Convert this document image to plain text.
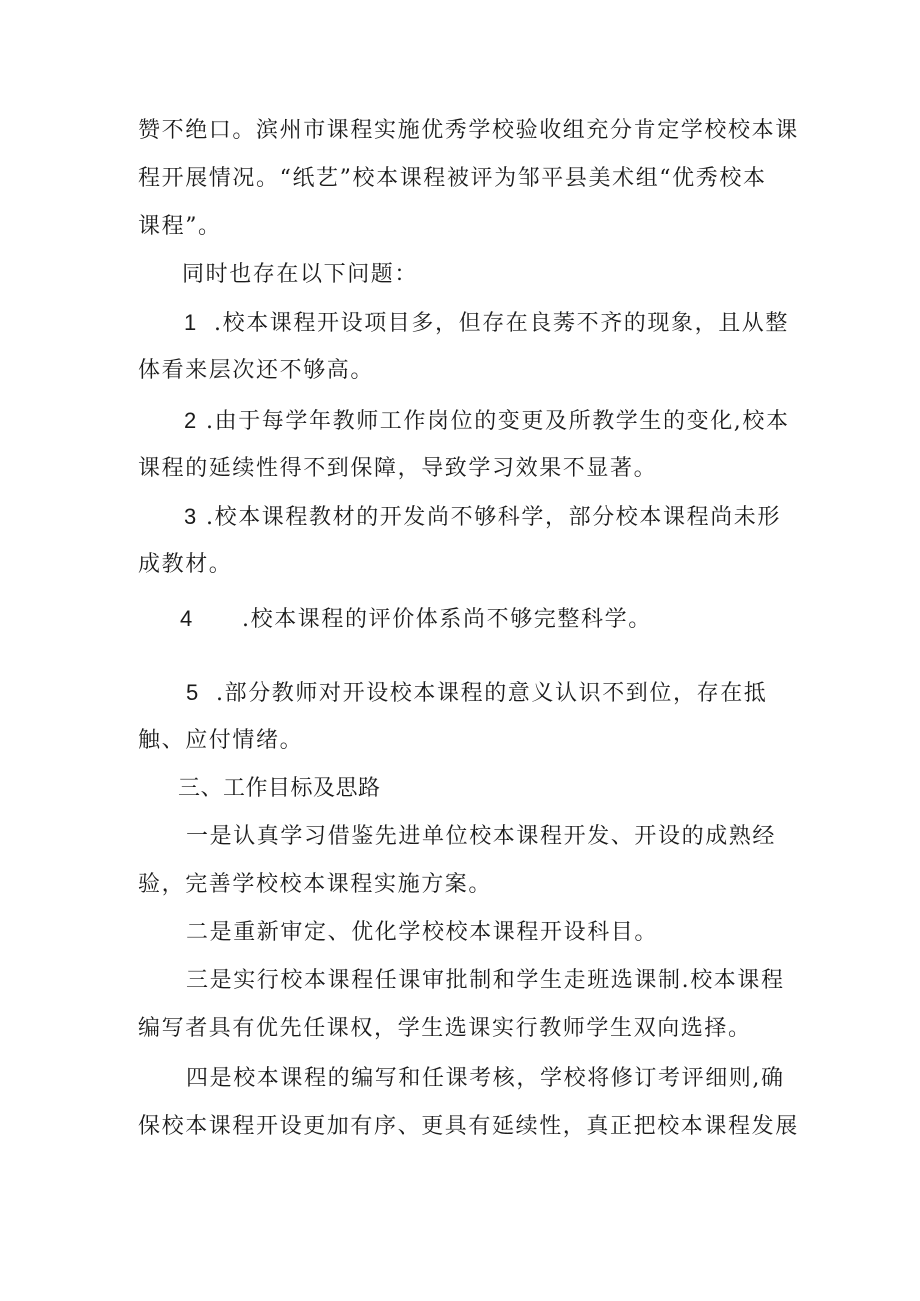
赞不绝口。滨州市课程实施优秀学校验收组充分肯定学校校本课
程开展情况。“纸艺”校本课程被评为邹平县美术组“优秀校本
课程”。
同时也存在以下问题：
1 .校本课程开设项目多，但存在良莠不齐的现象，且从整
体看来层次还不够高。
2 .由于每学年教师工作岗位的变更及所教学生的变化,校本
课程的延续性得不到保障，导致学习效果不显著。
3 .校本课程教材的开发尚不够科学，部分校本课程尚未形
成教材。
4 .校本课程的评价体系尚不够完整科学。
5 .部分教师对开设校本课程的意义认识不到位，存在抵
触、应付情绪。
三、工作目标及思路
一是认真学习借鉴先进单位校本课程开发、开设的成熟经
验，完善学校校本课程实施方案。
二是重新审定、优化学校校本课程开设科目。
三是实行校本课程任课审批制和学生走班选课制.校本课程
编写者具有优先任课权，学生选课实行教师学生双向选择。
四是校本课程的编写和任课考核，学校将修订考评细则,确
保校本课程开设更加有序、更具有延续性，真正把校本课程发展
